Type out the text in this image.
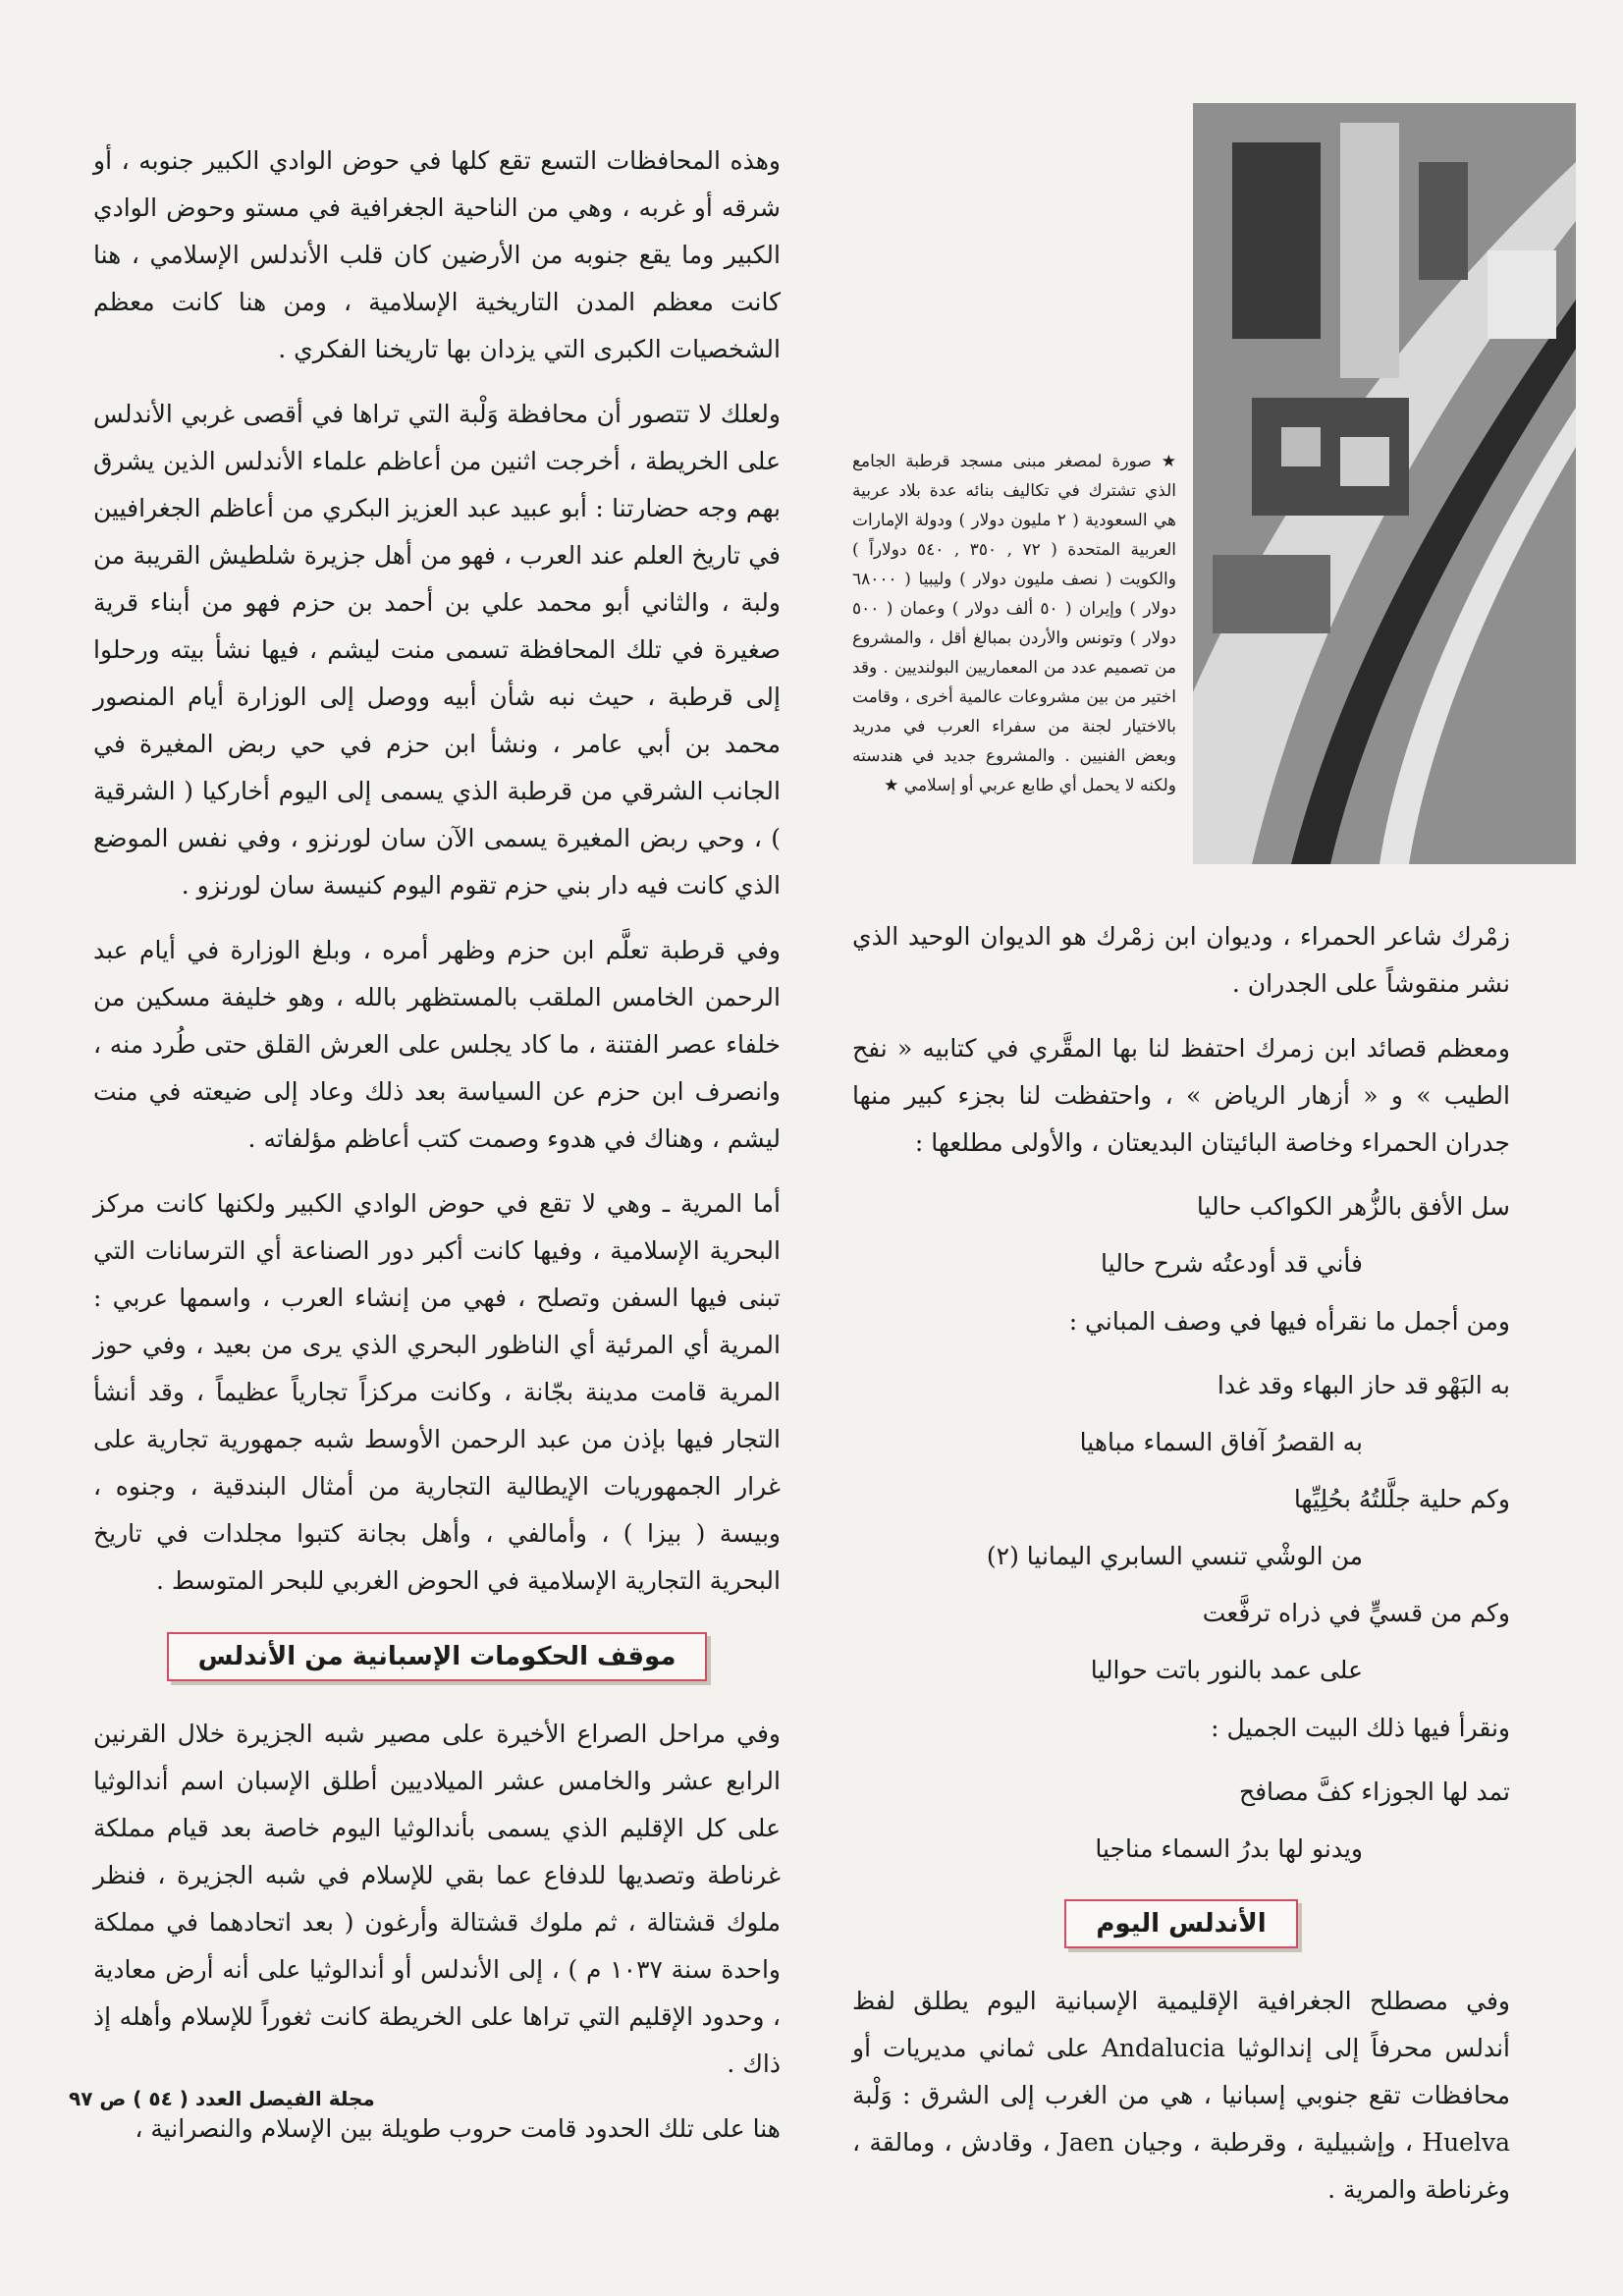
★ صورة لمصغر مبنى مسجد قرطبة الجامع الذي تشترك في تكاليف بنائه عدة بلاد عربية هي السعودية ( ٢ مليون دولار ) ودولة الإمارات العربية المتحدة ( ٧٢ , ٣٥٠ , ٥٤٠ دولاراً ) والكويت ( نصف مليون دولار ) وليبيا ( ٦٨٠٠٠ دولار ) وإيران ( ٥٠ ألف دولار ) وعمان ( ٥٠٠ دولار ) وتونس والأردن بمبالغ أقل ، والمشروع من تصميم عدد من المعماريين البولنديين . وقد اختير من بين مشروعات عالمية أخرى ، وقامت بالاختيار لجنة من سفراء العرب في مدريد وبعض الفنيين . والمشروع جديد في هندسته ولكنه لا يحمل أي طابع عربي أو إسلامي ★

وهذه المحافظات التسع تقع كلها في حوض الوادي الكبير جنوبه ، أو شرقه أو غربه ، وهي من الناحية الجغرافية في مستو وحوض الوادي الكبير وما يقع جنوبه من الأرضين كان قلب الأندلس الإسلامي ، هنا كانت معظم المدن التاريخية الإسلامية ، ومن هنا كانت معظم الشخصيات الكبرى التي يزدان بها تاريخنا الفكري .

ولعلك لا تتصور أن محافظة وَلْبة التي تراها في أقصى غربي الأندلس على الخريطة ، أخرجت اثنين من أعاظم علماء الأندلس الذين يشرق بهم وجه حضارتنا : أبو عبيد عبد العزيز البكري من أعاظم الجغرافيين في تاريخ العلم عند العرب ، فهو من أهل جزيرة شلطيش القريبة من ولبة ، والثاني أبو محمد علي بن أحمد بن حزم فهو من أبناء قرية صغيرة في تلك المحافظة تسمى منت ليشم ، فيها نشأ بيته ورحلوا إلى قرطبة ، حيث نبه شأن أبيه ووصل إلى الوزارة أيام المنصور محمد بن أبي عامر ، ونشأ ابن حزم في حي ربض المغيرة في الجانب الشرقي من قرطبة الذي يسمى إلى اليوم أخاركيا ( الشرقية ) ، وحي ربض المغيرة يسمى الآن سان لورنزو ، وفي نفس الموضع الذي كانت فيه دار بني حزم تقوم اليوم كنيسة سان لورنزو .

وفي قرطبة تعلَّم ابن حزم وظهر أمره ، وبلغ الوزارة في أيام عبد الرحمن الخامس الملقب بالمستظهر بالله ، وهو خليفة مسكين من خلفاء عصر الفتنة ، ما كاد يجلس على العرش القلق حتى طُرد منه ، وانصرف ابن حزم عن السياسة بعد ذلك وعاد إلى ضيعته في منت ليشم ، وهناك في هدوء وصمت كتب أعاظم مؤلفاته .

أما المرية ـ وهي لا تقع في حوض الوادي الكبير ولكنها كانت مركز البحرية الإسلامية ، وفيها كانت أكبر دور الصناعة أي الترسانات التي تبنى فيها السفن وتصلح ، فهي من إنشاء العرب ، واسمها عربي : المرية أي المرئية أي الناظور البحري الذي يرى من بعيد ، وفي حوز المرية قامت مدينة بجّانة ، وكانت مركزاً تجارياً عظيماً ، وقد أنشأ التجار فيها بإذن من عبد الرحمن الأوسط شبه جمهورية تجارية على غرار الجمهوريات الإيطالية التجارية من أمثال البندقية ، وجنوه ، وبيسة ( بيزا ) ، وأمالفي ، وأهل بجانة كتبوا مجلدات في تاريخ البحرية التجارية الإسلامية في الحوض الغربي للبحر المتوسط .

موقف الحكومات الإسبانية من الأندلس

وفي مراحل الصراع الأخيرة على مصير شبه الجزيرة خلال القرنين الرابع عشر والخامس عشر الميلاديين أطلق الإسبان اسم أندالوثيا على كل الإقليم الذي يسمى بأندالوثيا اليوم خاصة بعد قيام مملكة غرناطة وتصديها للدفاع عما بقي للإسلام في شبه الجزيرة ، فنظر ملوك قشتالة ، ثم ملوك قشتالة وأرغون ( بعد اتحادهما في مملكة واحدة سنة ١٠٣٧ م ) ، إلى الأندلس أو أندالوثيا على أنه أرض معادية ، وحدود الإقليم التي تراها على الخريطة كانت ثغوراً للإسلام وأهله إذ ذاك .

هنا على تلك الحدود قامت حروب طويلة بين الإسلام والنصرانية ،

زمْرك شاعر الحمراء ، وديوان ابن زمْرك هو الديوان الوحيد الذي نشر منقوشاً على الجدران .

ومعظم قصائد ابن زمرك احتفظ لنا بها المقَّري في كتابيه « نفح الطيب » و « أزهار الرياض » ، واحتفظت لنا بجزء كبير منها جدران الحمراء وخاصة البائيتان البديعتان ، والأولى مطلعها :

سل الأفق بالزُّهر الكواكب حاليا
فأني قد أودعتُه شرح حاليا

ومن أجمل ما نقرأه فيها في وصف المباني :

به البَهْو قد حاز البهاء وقد غدا
به القصرُ آفاق السماء مباهيا
وكم حلية جلَّلتُهُ بحُلِيِّها
من الوشْي تنسي السابري اليمانيا (٢)
وكم من قسيٍّ في ذراه ترفَّعت
على عمد بالنور باتت حواليا

ونقرأ فيها ذلك البيت الجميل :

تمد لها الجوزاء كفَّ مصافح
ويدنو لها بدرُ السماء مناجيا
الأندلس اليوم

وفي مصطلح الجغرافية الإقليمية الإسبانية اليوم يطلق لفظ أندلس محرفاً إلى إندالوثيا Andalucia على ثماني مديريات أو محافظات تقع جنوبي إسبانيا ، هي من الغرب إلى الشرق : وَلْبة Huelva ، وإشبيلية ، وقرطبة ، وجيان Jaen ، وقادش ، ومالقة ، وغرناطة والمرية .

مجلة الفيصل العدد ( ٥٤ ) ص ٩٧
